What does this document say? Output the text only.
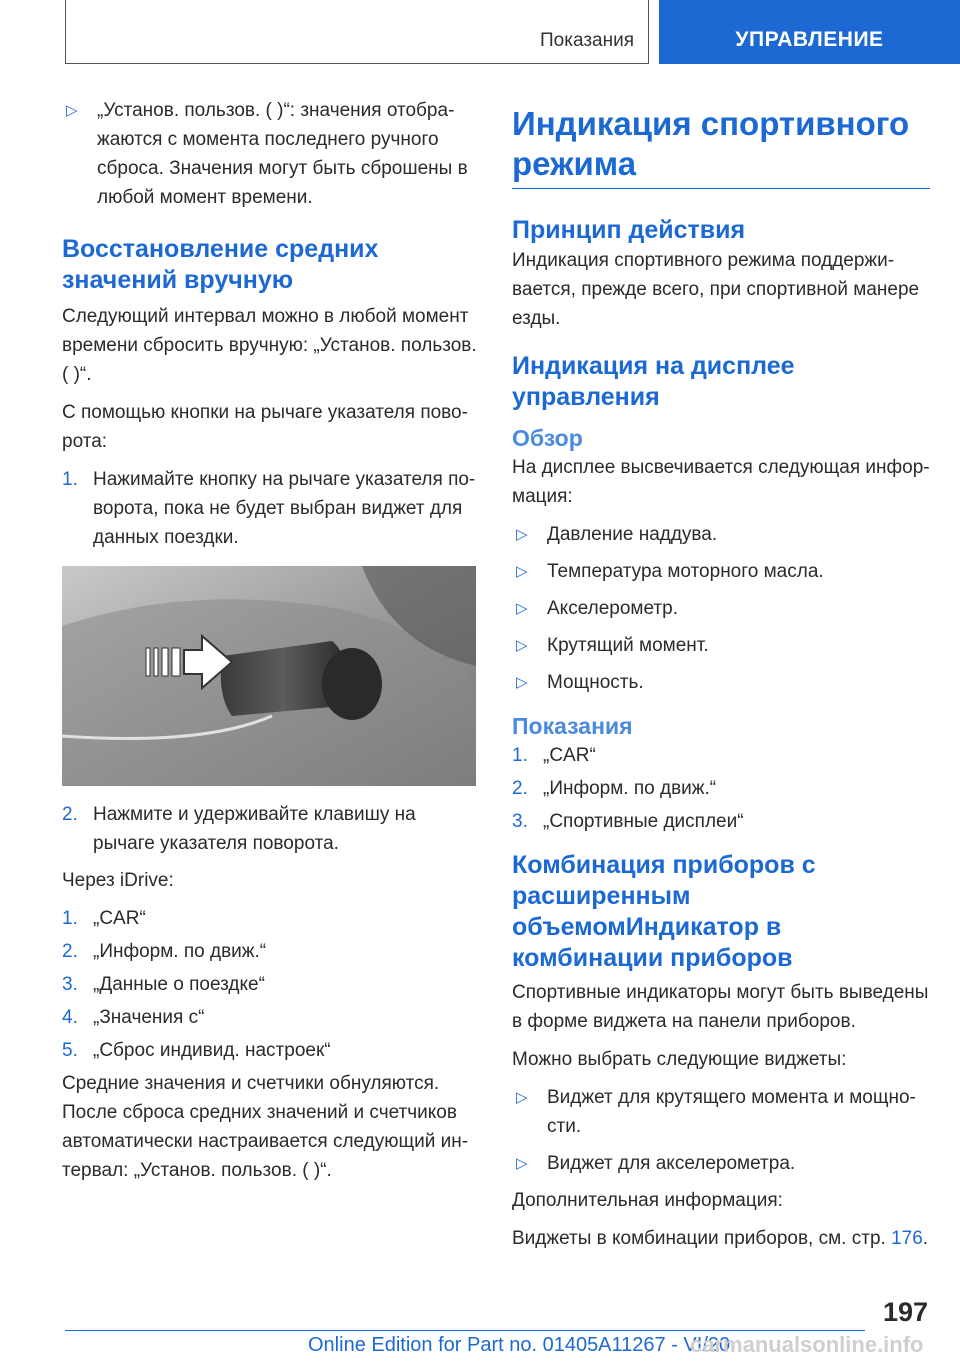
Показания	УПРАВЛЕНИЕ
▷	„Установ. пользов. ( )“: значения отображаются с момента последнего ручного сброса. Значения могут быть сброшены в любой момент времени.
Восстановление средних значений вручную

Следующий интервал можно в любой момент времени сбросить вручную: „Установ. пользов. ( )“.

С помощью кнопки на рычаге указателя поворота:

1. Нажимайте кнопку на рычаге указателя поворота, пока не будет выбран виджет для данных поездки.
2. Нажмите и удерживайте клавишу на рычаге указателя поворота.

Через iDrive:

1. „CAR“
2. „Информ. по движ.“
3. „Данные о поездке“
4. „Значения с“
5. „Сброс индивид. настроек“

Средние значения и счетчики обнуляются. После сброса средних значений и счетчиков автоматически настраивается следующий интервал: „Установ. пользов. ( )“.

Индикация спортивного режима
Принцип действия

Индикация спортивного режима поддерживается, прежде всего, при спортивной манере езды.

Индикация на дисплее управления
Обзор

На дисплее высвечивается следующая информация:

▷	Давление наддува.
▷	Температура моторного масла.
▷	Акселерометр.
▷	Крутящий момент.
▷	Мощность.
Показания
1. „CAR“
2. „Информ. по движ.“
3. „Спортивные дисплеи“
Комбинация приборов с расширенным объемомИндикатор в комбинации приборов

Спортивные индикаторы могут быть выведены в форме виджета на панели приборов.

Можно выбрать следующие виджеты:

▷	Виджет для крутящего момента и мощности.
▷	Виджет для акселерометра.

Дополнительная информация:

Виджеты в комбинации приборов, см. стр. 176.

197
Online Edition for Part no. 01405A11267 - VI/20
carmanualsonline.info
